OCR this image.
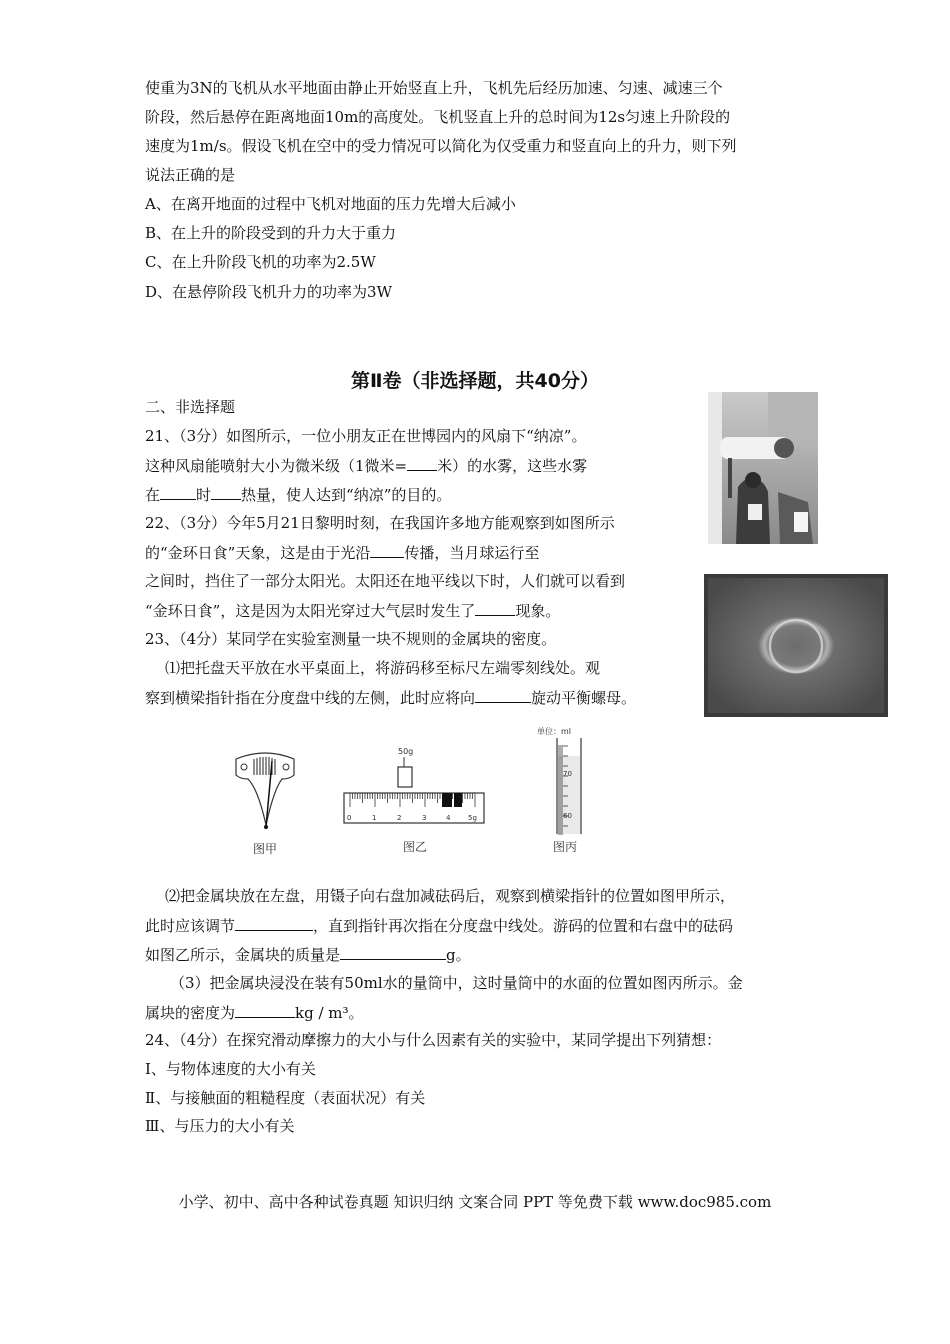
使重为3N的飞机从水平地面由静止开始竖直上升，飞机先后经历加速、匀速、减速三个
阶段，然后悬停在距离地面10m的高度处。飞机竖直上升的总时间为12s匀速上升阶段的
速度为1m/s。假设飞机在空中的受力情况可以简化为仅受重力和竖直向上的升力，则下列
说法正确的是
A、在离开地面的过程中飞机对地面的压力先增大后减小
B、在上升的阶段受到的升力大于重力
C、在上升阶段飞机的功率为2.5W
D、在悬停阶段飞机升力的功率为3W
第Ⅱ卷（非选择题，共40分）
二、非选择题
21、（3分）如图所示，一位小朋友正在世博园内的风扇下“纳凉”。
这种风扇能喷射大小为微米级（1微米= 米）的水雾，这些水雾
在 时 热量，使人达到“纳凉”的目的。
22、（3分）今年5月21日黎明时刻，在我国许多地方能观察到如图所示
的“金环日食”天象，这是由于光沿 传播，当月球运行至
之间时，挡住了一部分太阳光。太阳还在地平线以下时，人们就可以看到
“金环日食”，这是因为太阳光穿过大气层时发生了	现象。
23、（4分）某同学在实验室测量一块不规则的金属块的密度。
⑴把托盘天平放在水平桌面上，将游码移至标尺左端零刻线处。观
察到横梁指针指在分度盘中线的左侧，此时应将向	旋动平衡螺母。
图甲
50g
0	1	2	3	4	5g
图乙
单位：ml
70
60
图丙
⑵把金属块放在左盘，用镊子向右盘加减砝码后，观察到横梁指针的位置如图甲所示，
此时应该调节	，直到指针再次指在分度盘中线处。游码的位置和右盘中的砝码
如图乙所示，金属块的质量是	g。
（3）把金属块浸没在装有50ml水的量筒中，这时量筒中的水面的位置如图丙所示。金
属块的密度为	kg / m³。
24、（4分）在探究滑动摩擦力的大小与什么因素有关的实验中，某同学提出下列猜想：
Ⅰ、与物体速度的大小有关
Ⅱ、与接触面的粗糙程度（表面状况）有关
Ⅲ、与压力的大小有关
小学、初中、高中各种试卷真题 知识归纳 文案合同 PPT 等免费下载 www.doc985.com
